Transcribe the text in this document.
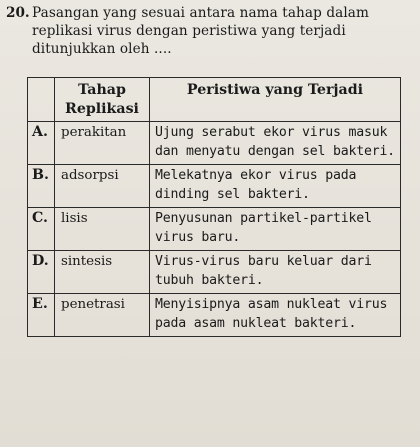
20. Pasangan yang sesuai antara nama tahap dalam replikasi virus dengan peristiwa yang terjadi ditunjukkan oleh ....
	Tahap Replikasi	Peristiwa yang Terjadi
A.	perakitan	Ujung serabut ekor virus masuk dan menyatu dengan sel bakteri.
B.	adsorpsi	Melekatnya ekor virus pada dinding sel bakteri.
C.	lisis	Penyusunan partikel-partikel virus baru.
D.	sintesis	Virus-virus baru keluar dari tubuh bakteri.
E.	penetrasi	Menyisipnya asam nukleat virus pada asam nukleat bakteri.
